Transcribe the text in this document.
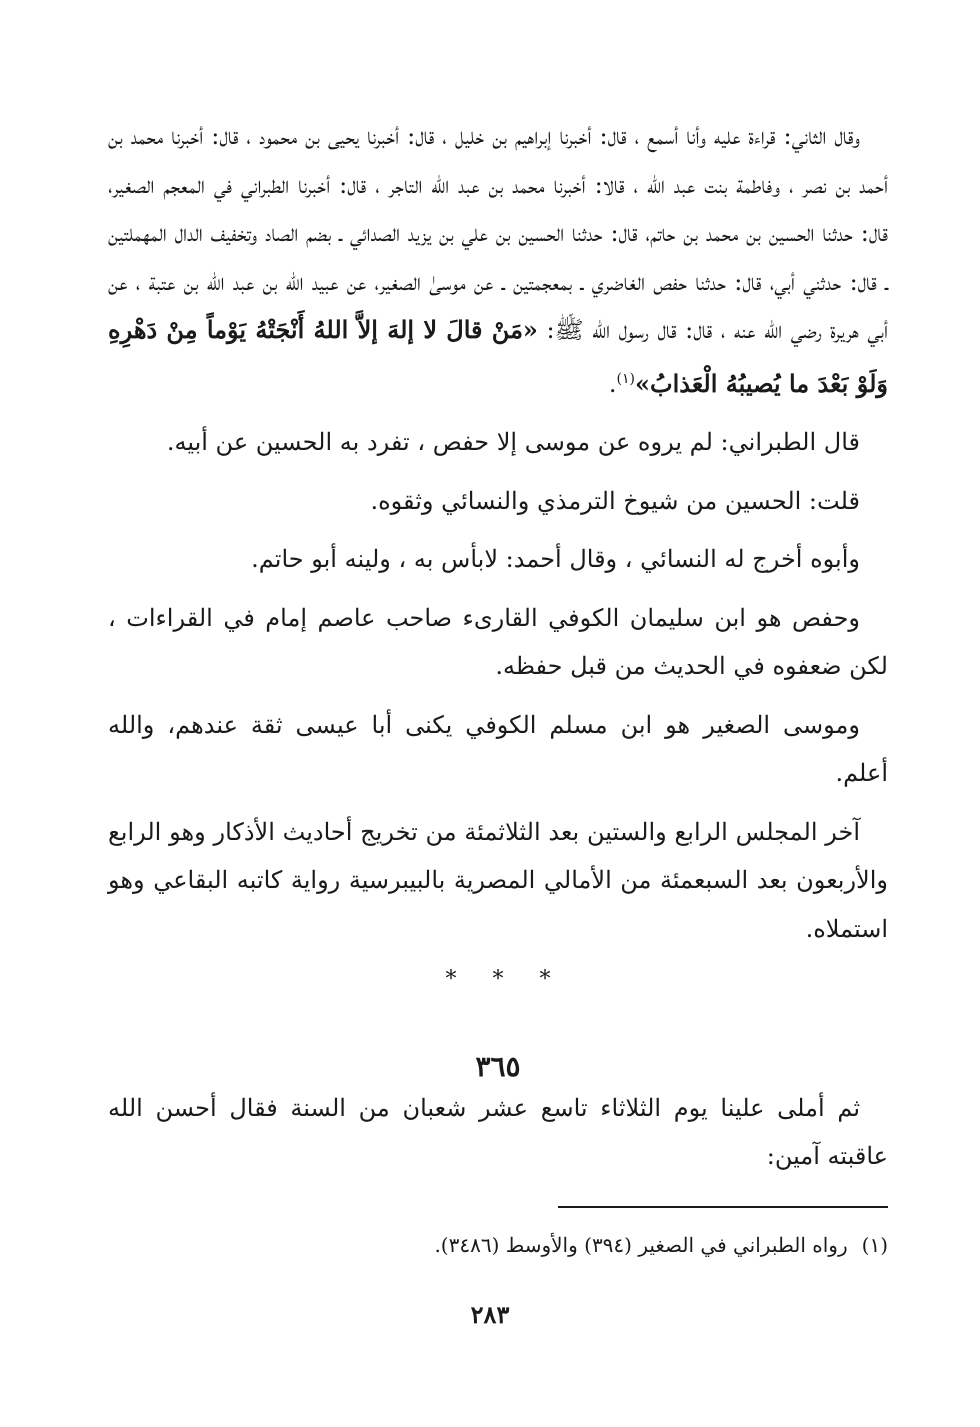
وقال الثاني: قراءة عليه وأنا أسمع ، قال: أخبرنا إبراهيم بن خليل ، قال: أخبرنا يحيى بن محمود ، قال: أخبرنا محمد بن أحمد بن نصر ، وفاطمة بنت عبد الله ، قالا: أخبرنا محمد بن عبد الله التاجر ، قال: أخبرنا الطبراني في المعجم الصغير، قال: حدثنا الحسين بن محمد بن حاتم، قال: حدثنا الحسين بن علي بن يزيد الصدائي ـ بضم الصاد وتخفيف الدال المهملتين ـ قال: حدثني أبي، قال: حدثنا حفص الغاضري ـ بمعجمتين ـ عن موسىٰ الصغير، عن عبيد الله بن عبد الله بن عتبة ، عن أبي هريرة رضي الله عنه ، قال: قال رسول الله ﷺ: «مَنْ قالَ لا إلهَ إلاَّ اللهُ أَنْجَتْهُ يَوْماً مِنْ دَهْرِهِ وَلَوْ بَعْدَ ما يُصيبُهُ الْعَذابُ»$^{(١)}$.

قال الطبراني: لم يروه عن موسى إلا حفص ، تفرد به الحسين عن أبيه.

قلت: الحسين من شيوخ الترمذي والنسائي وثقوه.

وأبوه أخرج له النسائي ، وقال أحمد: لابأس به ، ولينه أبو حاتم.

وحفص هو ابن سليمان الكوفي القارىء صاحب عاصم إمام في القراءات ، لكن ضعفوه في الحديث من قبل حفظه.

وموسى الصغير هو ابن مسلم الكوفي يكنى أبا عيسى ثقة عندهم، والله أعلم.

آخر المجلس الرابع والستين بعد الثلاثمئة من تخريج أحاديث الأذكار وهو الرابع والأربعون بعد السبعمئة من الأمالي المصرية بالبيبرسية رواية كاتبه البقاعي وهو استملاه.

* * *
٣٦٥

ثم أملى علينا يوم الثلاثاء تاسع عشر شعبان من السنة فقال أحسن الله عاقبته آمين:

(١)رواه الطبراني في الصغير (٣٩٤) والأوسط (٣٤٨٦).
٢٨٣
